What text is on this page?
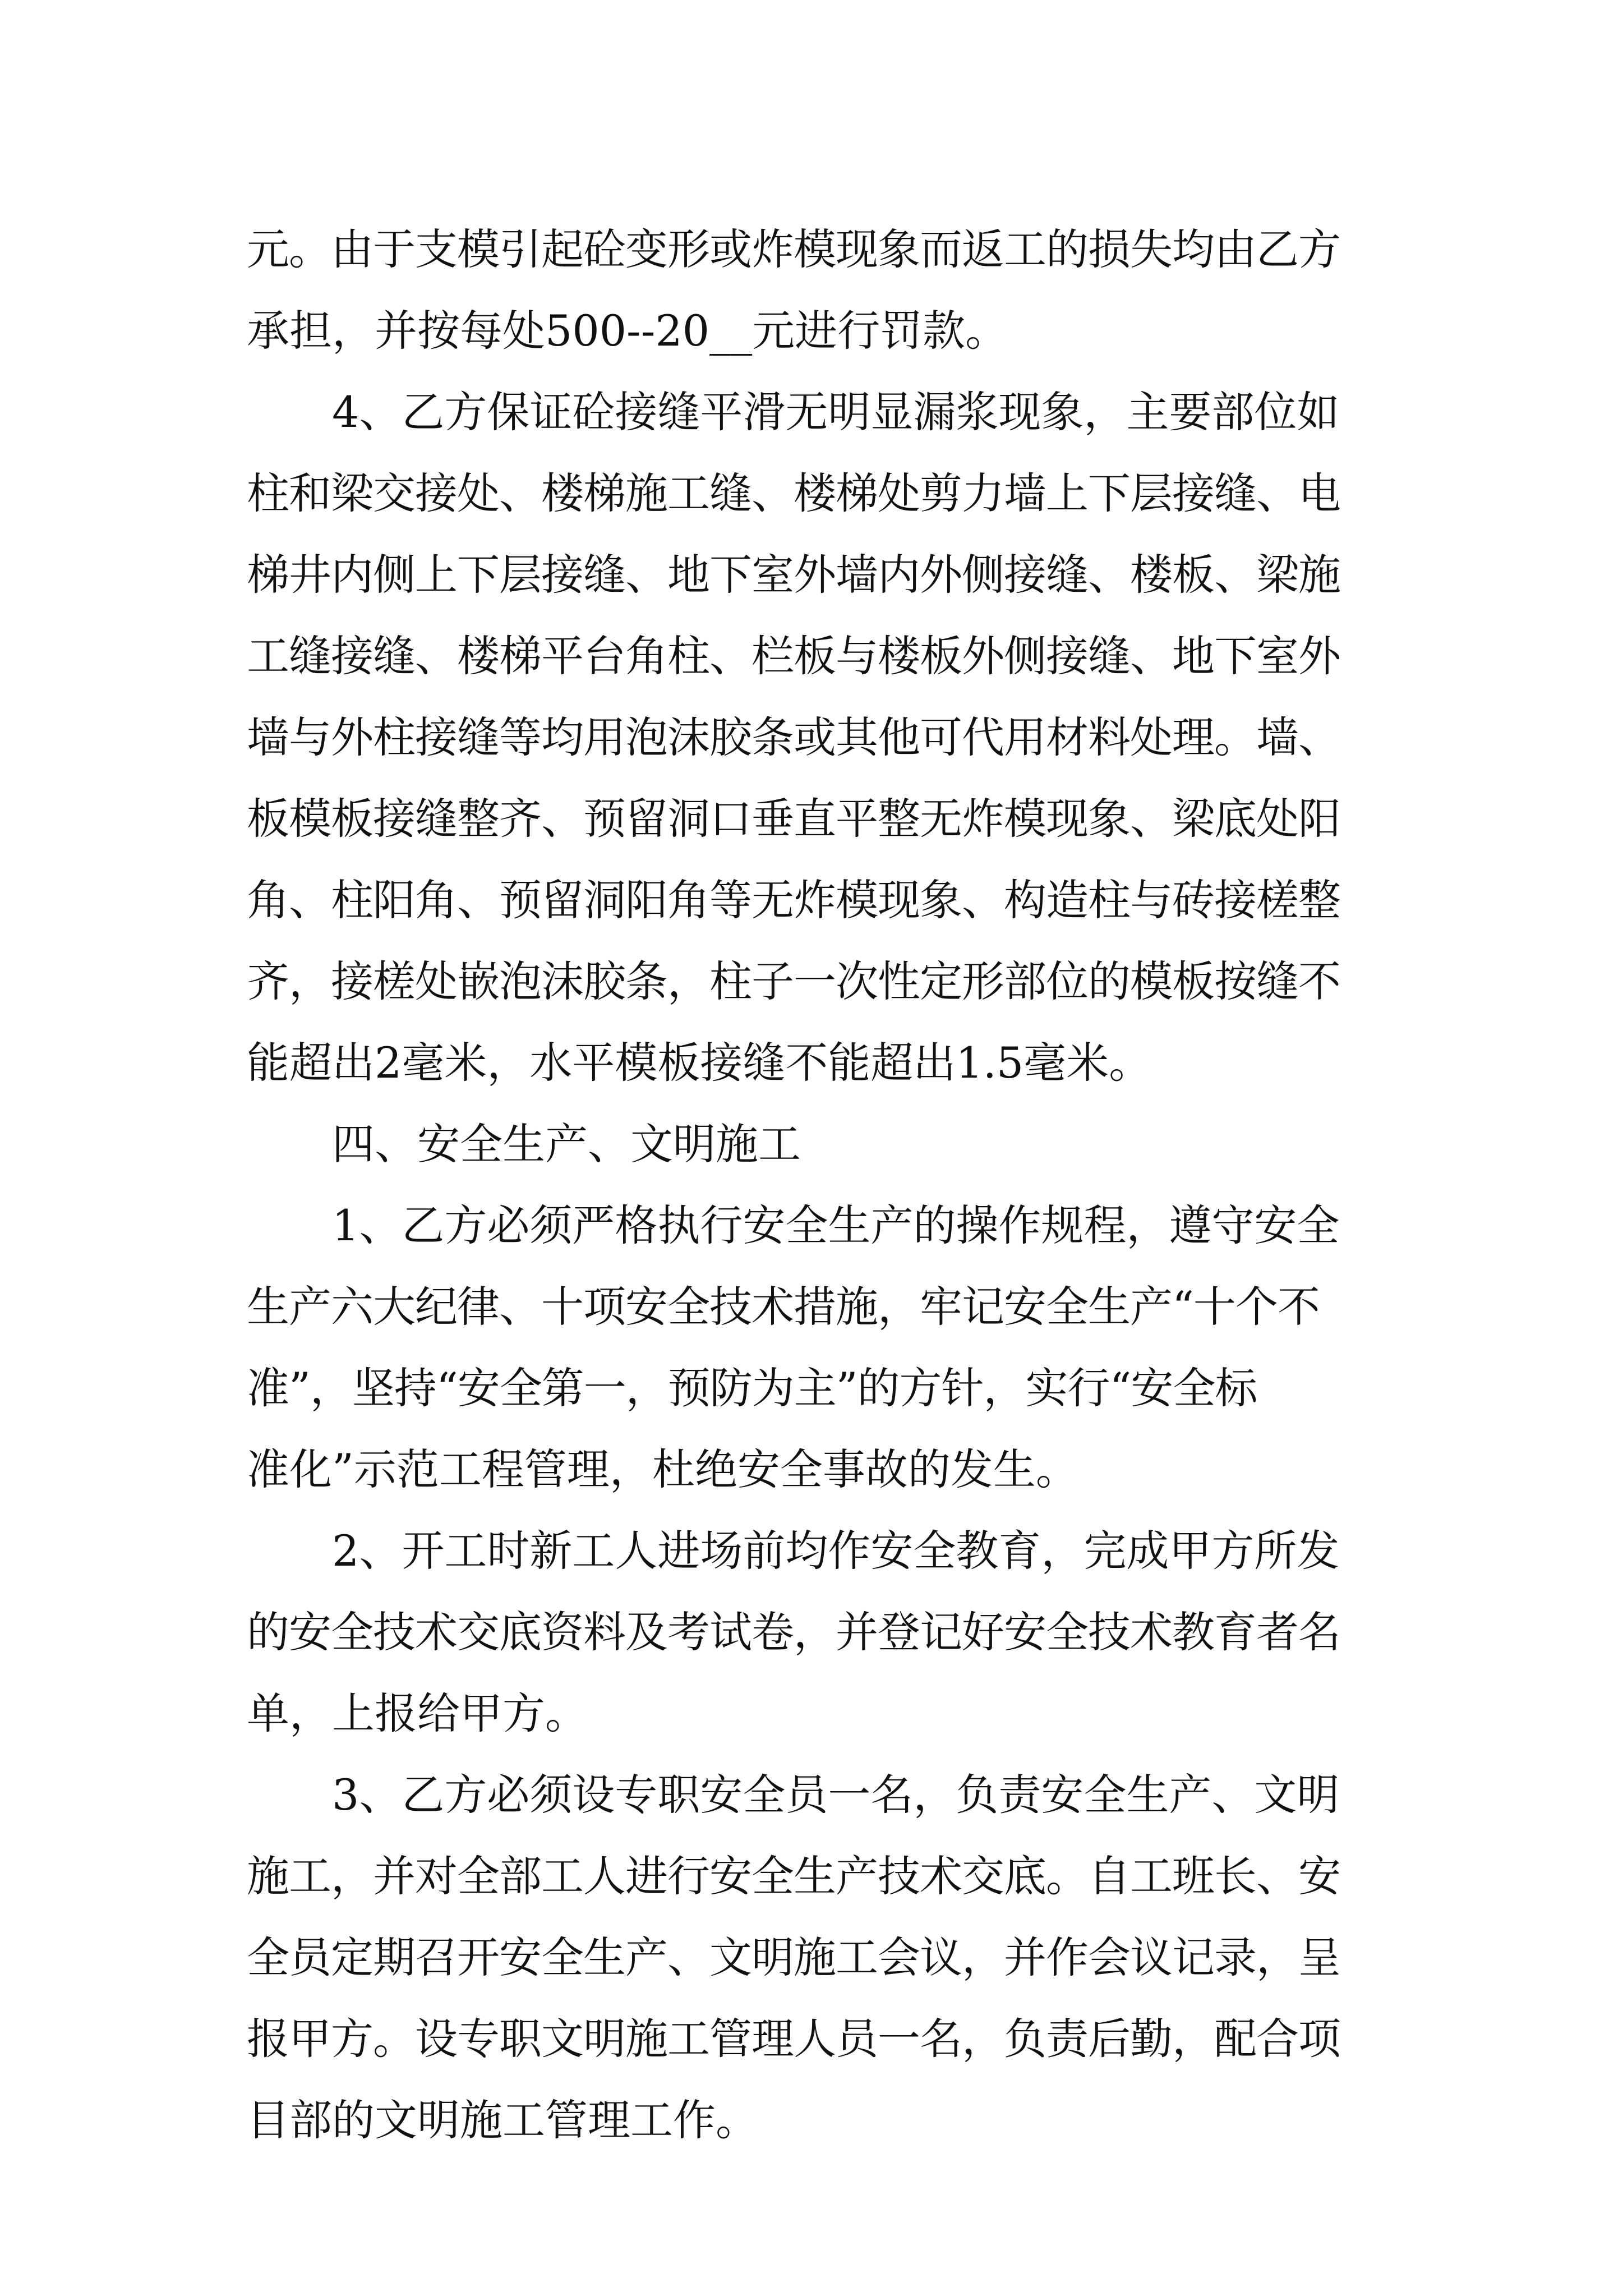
元。由于支模引起砼变形或炸模现象而返工的损失均由乙方

承担，并按每处500--20__元进行罚款。

4、乙方保证砼接缝平滑无明显漏浆现象，主要部位如

柱和梁交接处、楼梯施工缝、楼梯处剪力墙上下层接缝、电

梯井内侧上下层接缝、地下室外墙内外侧接缝、楼板、梁施

工缝接缝、楼梯平台角柱、栏板与楼板外侧接缝、地下室外

墙与外柱接缝等均用泡沫胶条或其他可代用材料处理。墙、

板模板接缝整齐、预留洞口垂直平整无炸模现象、梁底处阳

角、柱阳角、预留洞阳角等无炸模现象、构造柱与砖接槎整

齐，接槎处嵌泡沫胶条，柱子一次性定形部位的模板按缝不

能超出2毫米，水平模板接缝不能超出1.5毫米。

四、安全生产、文明施工

1、乙方必须严格执行安全生产的操作规程，遵守安全

生产六大纪律、十项安全技术措施，牢记安全生产“十个不

准”，坚持“安全第一，预防为主”的方针，实行“安全标

准化”示范工程管理，杜绝安全事故的发生。

2、开工时新工人进场前均作安全教育，完成甲方所发

的安全技术交底资料及考试卷，并登记好安全技术教育者名

单，上报给甲方。

3、乙方必须设专职安全员一名，负责安全生产、文明

施工，并对全部工人进行安全生产技术交底。自工班长、安

全员定期召开安全生产、文明施工会议，并作会议记录，呈

报甲方。设专职文明施工管理人员一名，负责后勤，配合项

目部的文明施工管理工作。
